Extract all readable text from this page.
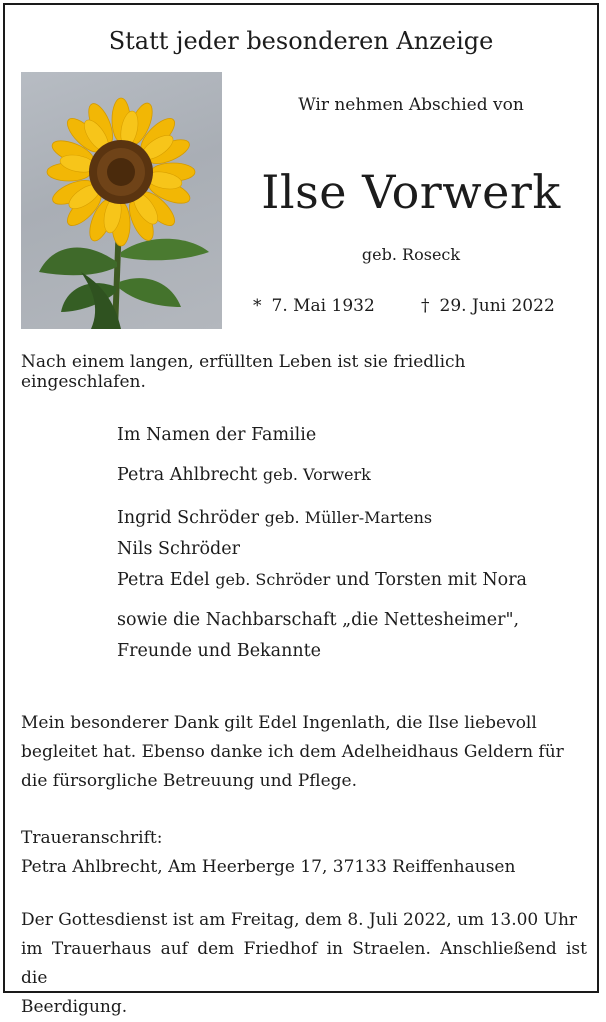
Statt jeder besonderen Anzeige
Wir nehmen Abschied von
Ilse Vorwerk
geb. Roseck
* 7. Mai 1932	† 29. Juni 2022
Nach einem langen, erfüllten Leben ist sie friedlich eingeschlafen.
Im Namen der Familie
Petra Ahlbrecht geb. Vorwerk
Ingrid Schröder geb. Müller-Martens
Nils Schröder
Petra Edel geb. Schröder und Torsten mit Nora
sowie die Nachbarschaft „die Nettesheimer",
Freunde und Bekannte
Mein besonderer Dank gilt Edel Ingenlath, die Ilse liebevoll
begleitet hat. Ebenso danke ich dem Adelheidhaus Geldern für
die fürsorgliche Betreuung und Pflege.
Traueranschrift:
Petra Ahlbrecht, Am Heerberge 17, 37133 Reiffenhausen
Der Gottesdienst ist am Freitag, dem 8. Juli 2022, um 13.00 Uhr
im Trauerhaus auf dem Friedhof in Straelen. Anschließend ist die
Beerdigung.
